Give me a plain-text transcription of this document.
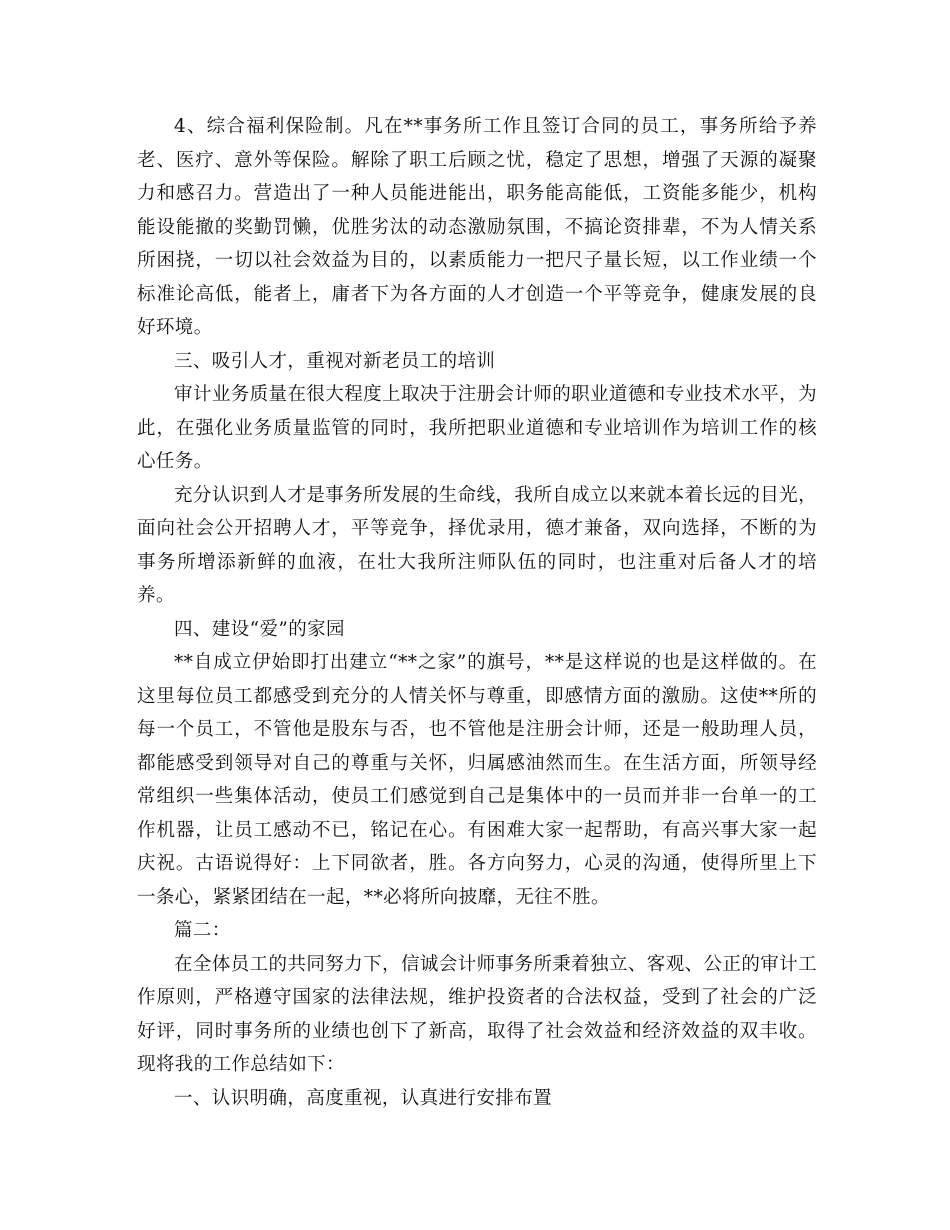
4、综合福利保险制。凡在**事务所工作且签订合同的员工，事务所给予养老、医疗、意外等保险。解除了职工后顾之忧，稳定了思想，增强了天源的凝聚力和感召力。营造出了一种人员能进能出，职务能高能低，工资能多能少，机构能设能撤的奖勤罚懒，优胜劣汰的动态激励氛围，不搞论资排辈，不为人情关系所困挠，一切以社会效益为目的，以素质能力一把尺子量长短，以工作业绩一个标准论高低，能者上，庸者下为各方面的人才创造一个平等竞争，健康发展的良好环境。

三、吸引人才，重视对新老员工的培训

审计业务质量在很大程度上取决于注册会计师的职业道德和专业技术水平，为此，在强化业务质量监管的同时，我所把职业道德和专业培训作为培训工作的核心任务。

充分认识到人才是事务所发展的生命线，我所自成立以来就本着长远的目光，面向社会公开招聘人才，平等竞争，择优录用，德才兼备，双向选择，不断的为事务所增添新鲜的血液，在壮大我所注师队伍的同时，也注重对后备人才的培养。

四、建设“爱”的家园

**自成立伊始即打出建立“**之家”的旗号，**是这样说的也是这样做的。在这里每位员工都感受到充分的人情关怀与尊重，即感情方面的激励。这使**所的每一个员工，不管他是股东与否，也不管他是注册会计师，还是一般助理人员，都能感受到领导对自己的尊重与关怀，归属感油然而生。在生活方面，所领导经常组织一些集体活动，使员工们感觉到自己是集体中的一员而并非一台单一的工作机器，让员工感动不已，铭记在心。有困难大家一起帮助，有高兴事大家一起庆祝。古语说得好：上下同欲者，胜。各方向努力，心灵的沟通，使得所里上下一条心，紧紧团结在一起，**必将所向披靡，无往不胜。

篇二：

在全体员工的共同努力下，信诚会计师事务所秉着独立、客观、公正的审计工作原则，严格遵守国家的法律法规，维护投资者的合法权益，受到了社会的广泛好评，同时事务所的业绩也创下了新高，取得了社会效益和经济效益的双丰收。现将我的工作总结如下：

一、认识明确，高度重视，认真进行安排布置
